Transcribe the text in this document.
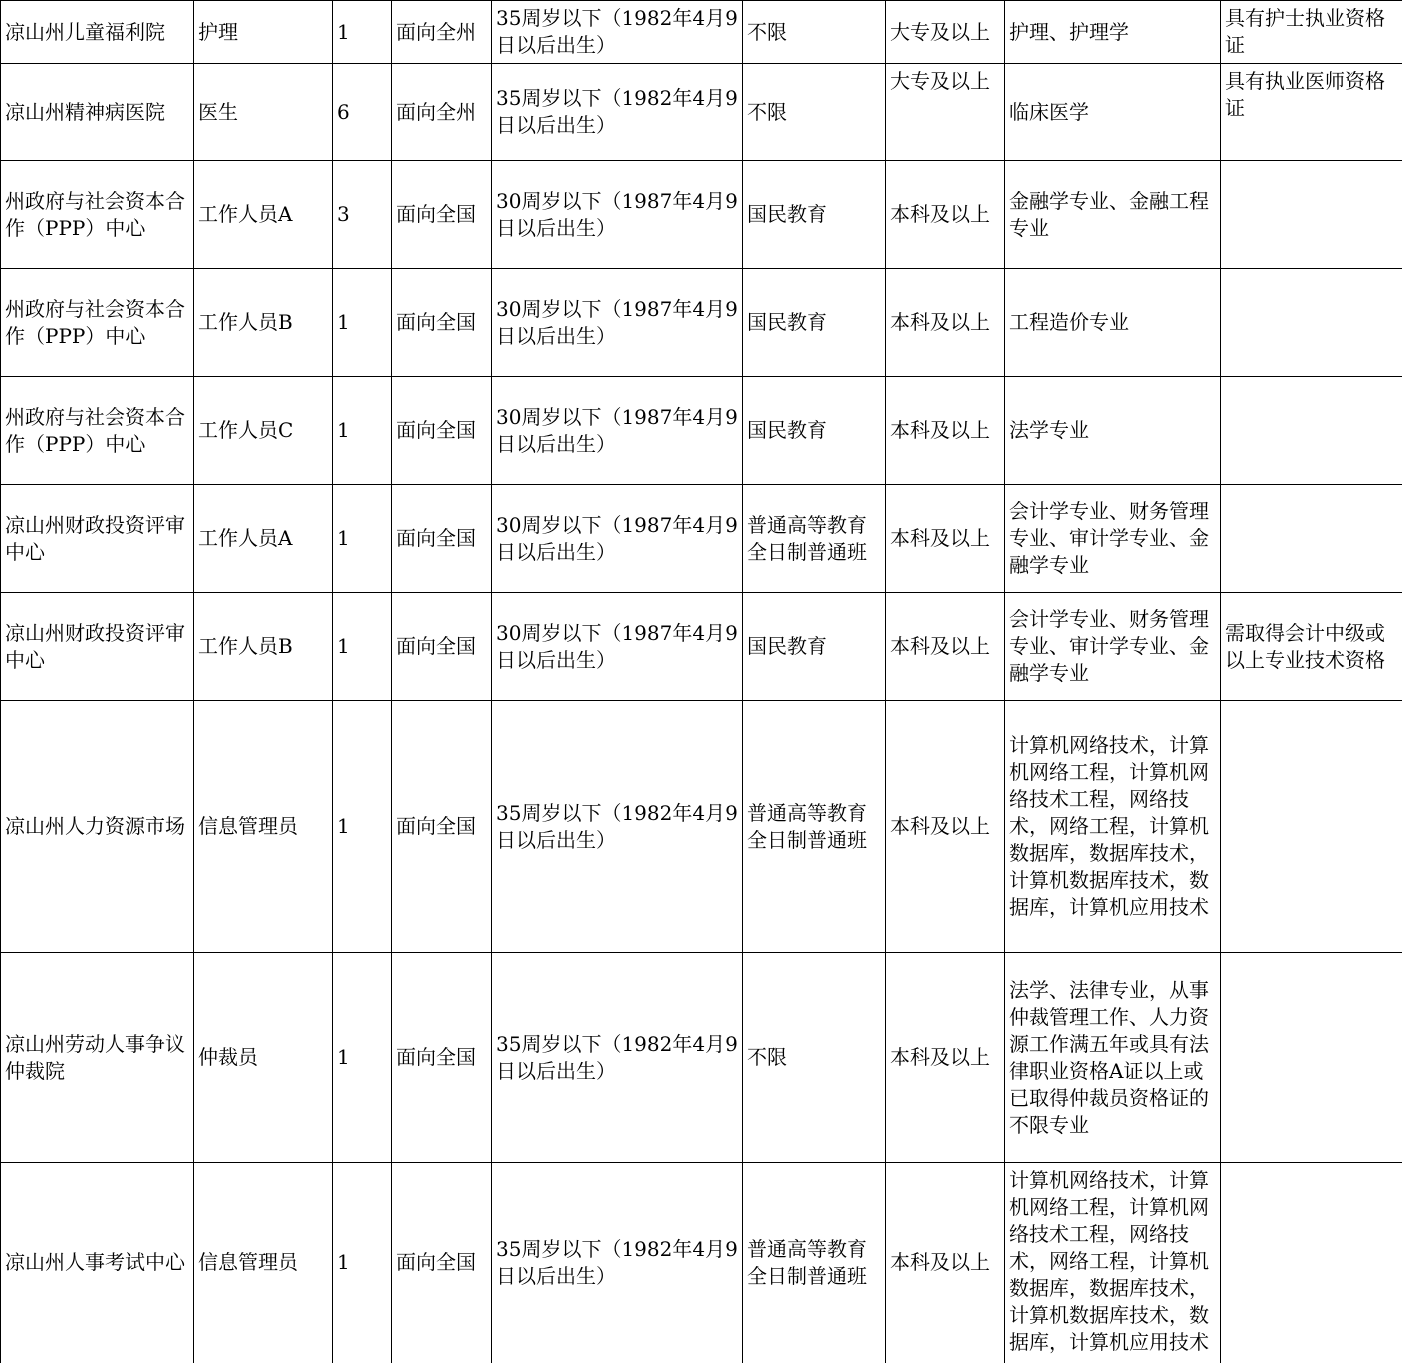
凉山州儿童福利院	护理	1	面向全州	35周岁以下（1982年4月9日以后出生）	不限	大专及以上	护理、护理学	具有护士执业资格证
凉山州精神病医院	医生	6	面向全州	35周岁以下（1982年4月9日以后出生）	不限	大专及以上	临床医学	具有执业医师资格证
州政府与社会资本合作（PPP）中心	工作人员A	3	面向全国	30周岁以下（1987年4月9日以后出生）	国民教育	本科及以上	金融学专业、金融工程专业	
州政府与社会资本合作（PPP）中心	工作人员B	1	面向全国	30周岁以下（1987年4月9日以后出生）	国民教育	本科及以上	工程造价专业	
州政府与社会资本合作（PPP）中心	工作人员C	1	面向全国	30周岁以下（1987年4月9日以后出生）	国民教育	本科及以上	法学专业	
凉山州财政投资评审中心	工作人员A	1	面向全国	30周岁以下（1987年4月9日以后出生）	普通高等教育全日制普通班	本科及以上	会计学专业、财务管理专业、审计学专业、金融学专业	
凉山州财政投资评审中心	工作人员B	1	面向全国	30周岁以下（1987年4月9日以后出生）	国民教育	本科及以上	会计学专业、财务管理专业、审计学专业、金融学专业	需取得会计中级或以上专业技术资格
凉山州人力资源市场	信息管理员	1	面向全国	35周岁以下（1982年4月9日以后出生）	普通高等教育全日制普通班	本科及以上	计算机网络技术，计算机网络工程，计算机网络技术工程，网络技术，网络工程，计算机数据库，数据库技术，计算机数据库技术，数据库，计算机应用技术	
凉山州劳动人事争议仲裁院	仲裁员	1	面向全国	35周岁以下（1982年4月9日以后出生）	不限	本科及以上	法学、法律专业，从事仲裁管理工作、人力资源工作满五年或具有法律职业资格A证以上或已取得仲裁员资格证的不限专业	
凉山州人事考试中心	信息管理员	1	面向全国	35周岁以下（1982年4月9日以后出生）	普通高等教育全日制普通班	本科及以上	计算机网络技术，计算机网络工程，计算机网络技术工程，网络技术，网络工程，计算机数据库，数据库技术，计算机数据库技术，数据库，计算机应用技术	
